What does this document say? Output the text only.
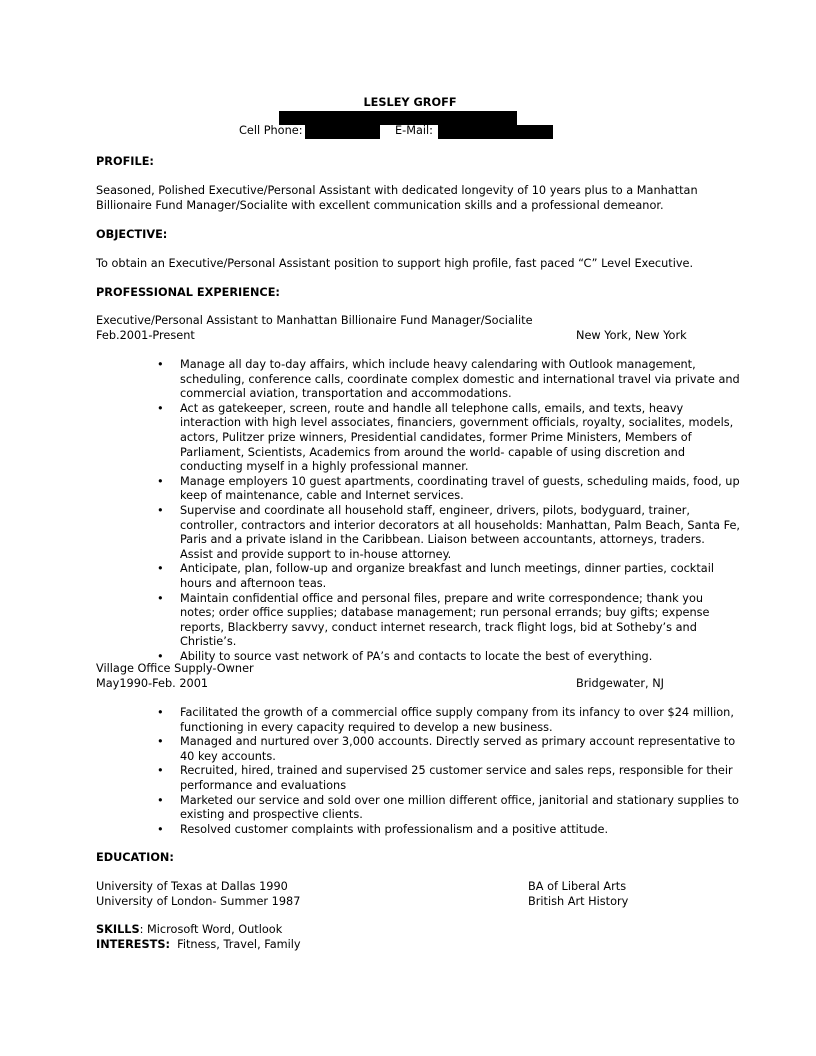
LESLEY GROFF
Cell Phone:	E-Mail:
PROFILE:
Seasoned, Polished Executive/Personal Assistant with dedicated longevity of 10 years plus to a Manhattan Billionaire Fund Manager/Socialite with excellent communication skills and a professional demeanor.
OBJECTIVE:
To obtain an Executive/Personal Assistant position to support high profile, fast paced “C” Level Executive.
PROFESSIONAL EXPERIENCE:
Executive/Personal Assistant to Manhattan Billionaire Fund Manager/Socialite
Feb.2001-Present	New York, New York
• Manage all day to-day affairs, which include heavy calendaring with Outlook management, scheduling, conference calls, coordinate complex domestic and international travel via private and commercial aviation, transportation and accommodations.
• Act as gatekeeper, screen, route and handle all telephone calls, emails, and texts, heavy interaction with high level associates, financiers, government officials, royalty, socialites, models, actors, Pulitzer prize winners, Presidential candidates, former Prime Ministers, Members of Parliament, Scientists, Academics from around the world- capable of using discretion and conducting myself in a highly professional manner.
• Manage employers 10 guest apartments, coordinating travel of guests, scheduling maids, food, up keep of maintenance, cable and Internet services.
• Supervise and coordinate all household staff, engineer, drivers, pilots, bodyguard, trainer, controller, contractors and interior decorators at all households: Manhattan, Palm Beach, Santa Fe, Paris and a private island in the Caribbean. Liaison between accountants, attorneys, traders. Assist and provide support to in-house attorney.
• Anticipate, plan, follow-up and organize breakfast and lunch meetings, dinner parties, cocktail hours and afternoon teas.
• Maintain confidential office and personal files, prepare and write correspondence; thank you notes; order office supplies; database management; run personal errands; buy gifts; expense reports, Blackberry savvy, conduct internet research, track flight logs, bid at Sotheby’s and Christie’s.
• Ability to source vast network of PA’s and contacts to locate the best of everything.
Village Office Supply-Owner
May1990-Feb. 2001	Bridgewater, NJ
• Facilitated the growth of a commercial office supply company from its infancy to over $24 million, functioning in every capacity required to develop a new business.
• Managed and nurtured over 3,000 accounts. Directly served as primary account representative to 40 key accounts.
• Recruited, hired, trained and supervised 25 customer service and sales reps, responsible for their performance and evaluations
• Marketed our service and sold over one million different office, janitorial and stationary supplies to existing and prospective clients.
• Resolved customer complaints with professionalism and a positive attitude.
EDUCATION:
University of Texas at Dallas 1990	BA of Liberal Arts
University of London- Summer 1987	British Art History
SKILLS: Microsoft Word, Outlook
INTERESTS:  Fitness, Travel, Family
